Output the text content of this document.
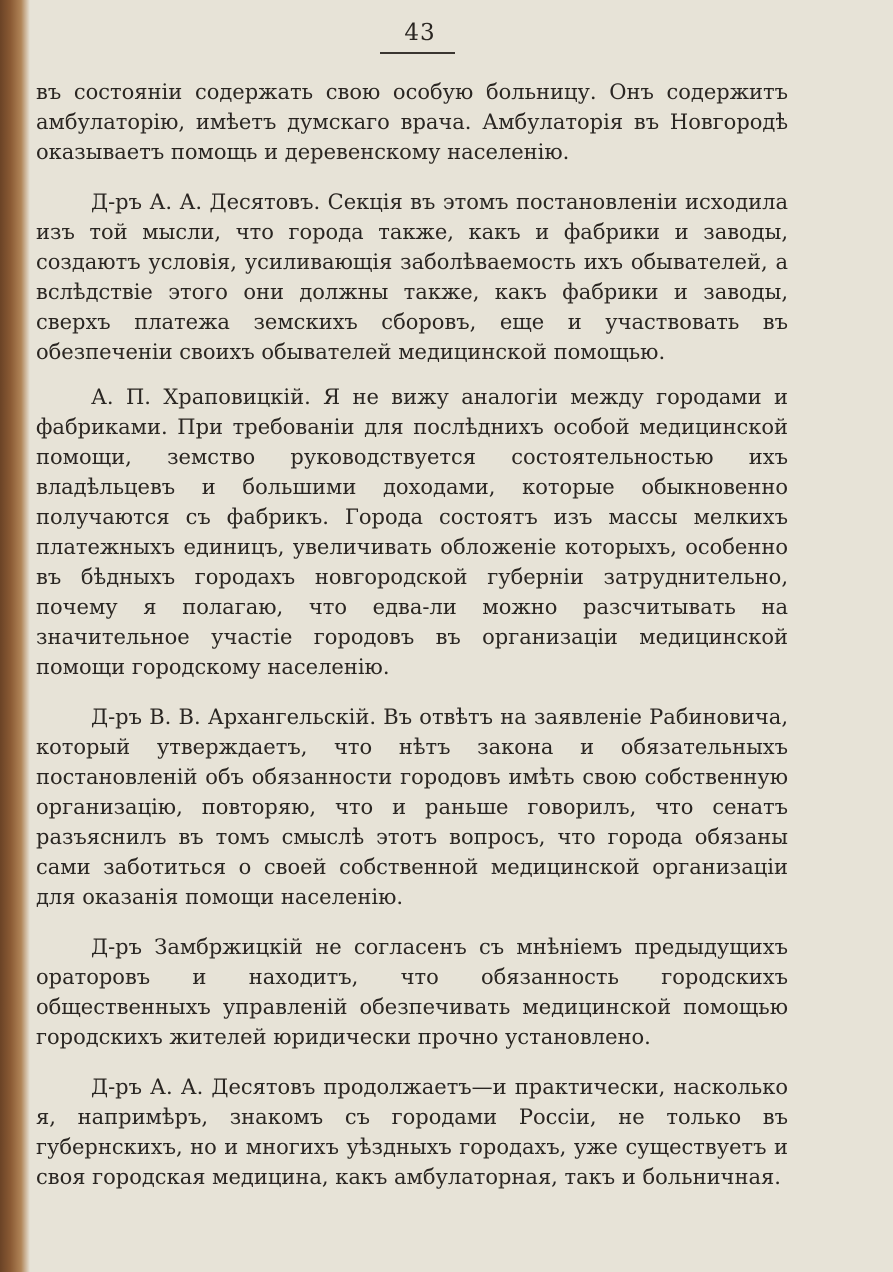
43

въ состояніи содержать свою особую больницу. Онъ содержитъ амбулаторію, имѣетъ думскаго врача. Амбулаторія въ Новгородѣ оказываетъ помощь и деревенскому населенію.

Д-ръ А. А. Десятовъ. Секція въ этомъ постановленіи исходила изъ той мысли, что города также, какъ и фабрики и заводы, создаютъ условія, усиливающія заболѣваемость ихъ обывателей, а вслѣдствіе этого они должны также, какъ фабрики и заводы, сверхъ платежа земскихъ сборовъ, еще и участвовать въ обезпеченіи своихъ обывателей медицинской помощью.

А. П. Храповицкій. Я не вижу аналогіи между городами и фабриками. При требованіи для послѣднихъ особой медицинской помощи, земство руководствуется состоятельностью ихъ владѣльцевъ и большими доходами, которые обыкновенно получаются съ фабрикъ. Города состоятъ изъ массы мелкихъ платежныхъ единицъ, увеличивать обложеніе которыхъ, особенно въ бѣдныхъ городахъ новгородской губерніи затруднительно, почему я полагаю, что едва-ли можно разсчитывать на значительное участіе городовъ въ организаціи медицинской помощи городскому населенію.

Д-ръ В. В. Архангельскій. Въ отвѣтъ на заявленіе Рабиновича, который утверждаетъ, что нѣтъ закона и обязательныхъ постановленій объ обязанности городовъ имѣть свою собственную организацію, повторяю, что и раньше говорилъ, что сенатъ разъяснилъ въ томъ смыслѣ этотъ вопросъ, что города обязаны сами заботиться о своей собственной медицинской организаціи для оказанія помощи населенію.

Д-ръ Замбржицкій не согласенъ съ мнѣніемъ предыдущихъ ораторовъ и находитъ, что обязанность городскихъ общественныхъ управленій обезпечивать медицинской помощью городскихъ жителей юридически прочно установлено.

Д-ръ А. А. Десятовъ продолжаетъ—и практически, насколько я, напримѣръ, знакомъ съ городами Россіи, не только въ губернскихъ, но и многихъ уѣздныхъ городахъ, уже существуетъ и своя городская медицина, какъ амбулаторная, такъ и больничная.
